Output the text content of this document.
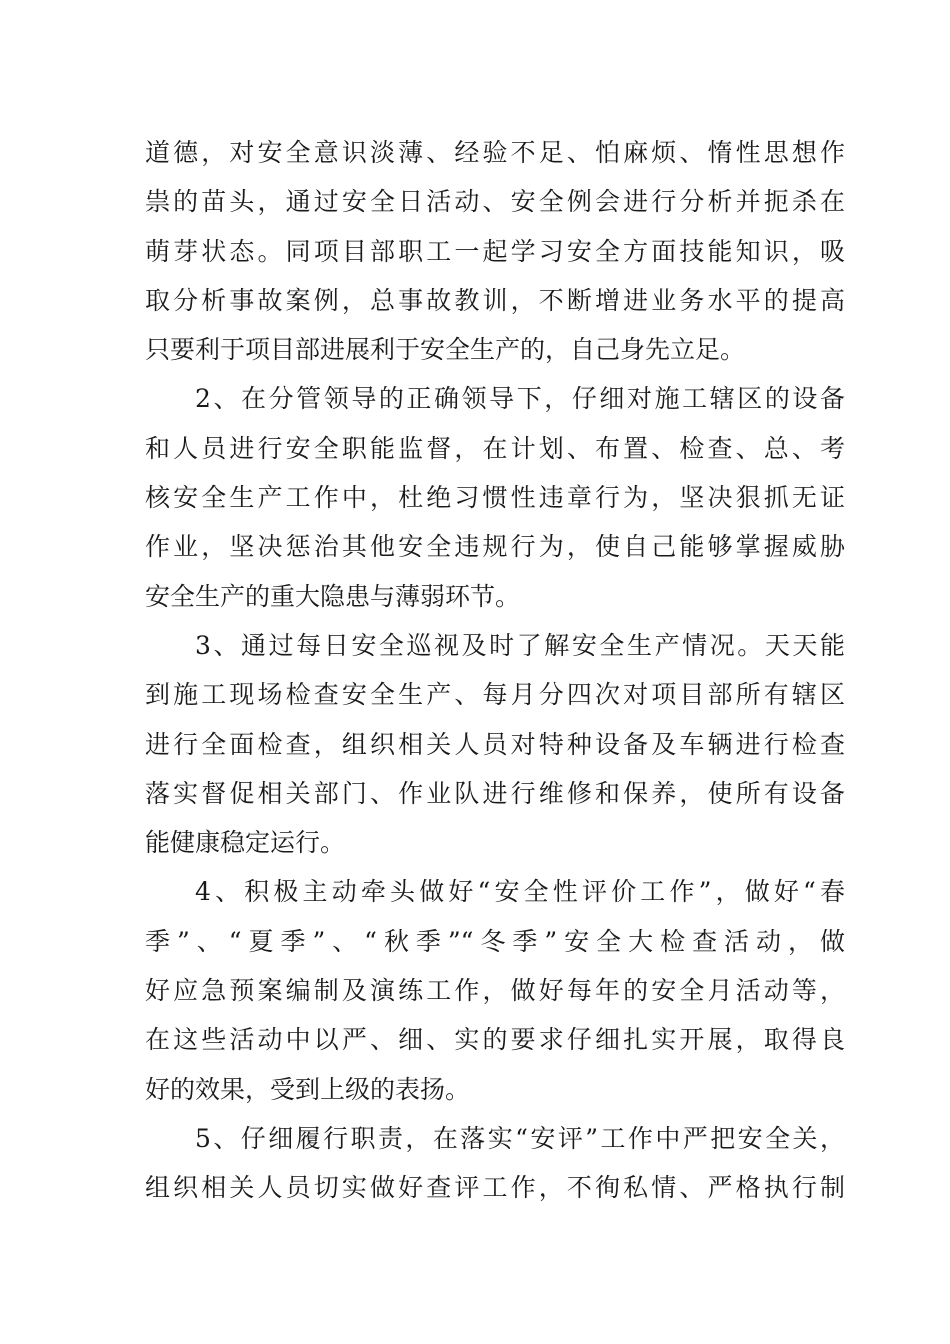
道德，对安全意识淡薄、经验不足、怕麻烦、惰性思想作
祟的苗头，通过安全日活动、安全例会进行分析并扼杀在
萌芽状态。同项目部职工一起学习安全方面技能知识，吸
取分析事故案例，总事故教训，不断增进业务水平的提高
只要利于项目部进展利于安全生产的，自己身先立足。
2、在分管领导的正确领导下，仔细对施工辖区的设备
和人员进行安全职能监督，在计划、布置、检查、总、考
核安全生产工作中，杜绝习惯性违章行为，坚决狠抓无证
作业，坚决惩治其他安全违规行为，使自己能够掌握威胁
安全生产的重大隐患与薄弱环节。
3、通过每日安全巡视及时了解安全生产情况。天天能
到施工现场检查安全生产、每月分四次对项目部所有辖区
进行全面检查，组织相关人员对特种设备及车辆进行检查
落实督促相关部门、作业队进行维修和保养，使所有设备
能健康稳定运行。
4、积极主动牵头做好“安全性评价工作”，做好“春
季”、“夏季”、“秋季”“冬季”安全大检查活动，做
好应急预案编制及演练工作，做好每年的安全月活动等，
在这些活动中以严、细、实的要求仔细扎实开展，取得良
好的效果，受到上级的表扬。
5、仔细履行职责，在落实“安评”工作中严把安全关，
组织相关人员切实做好查评工作，不徇私情、严格执行制
